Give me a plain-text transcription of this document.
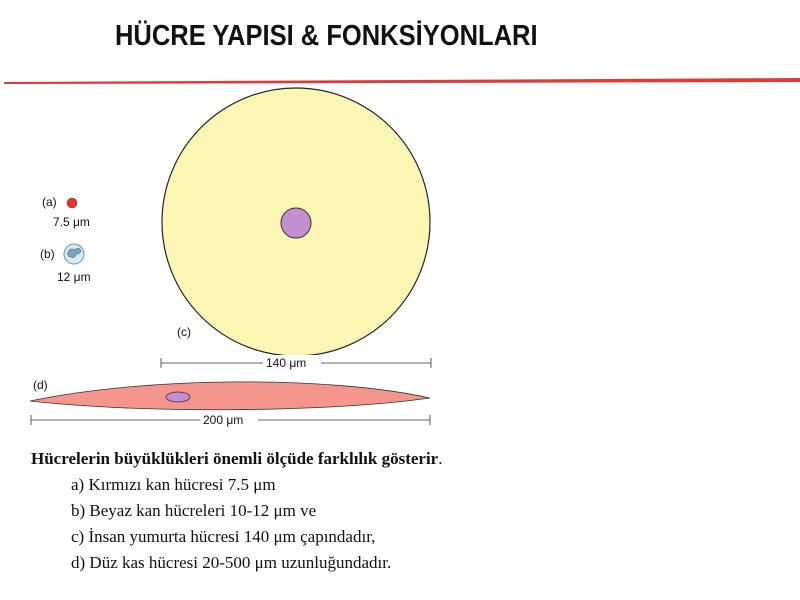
HÜCRE YAPISI & FONKSİYONLARI
(a)
7.5 μm
(b)
12 μm
(c)
140 μm
(d)
200 μm
Hücrelerin büyüklükleri önemli ölçüde farklılık gösterir.
a) Kırmızı kan hücresi 7.5 μm
b) Beyaz kan hücreleri 10-12 μm ve
c) İnsan yumurta hücresi 140 μm çapındadır,
d) Düz kas hücresi 20-500 μm uzunluğundadır.
